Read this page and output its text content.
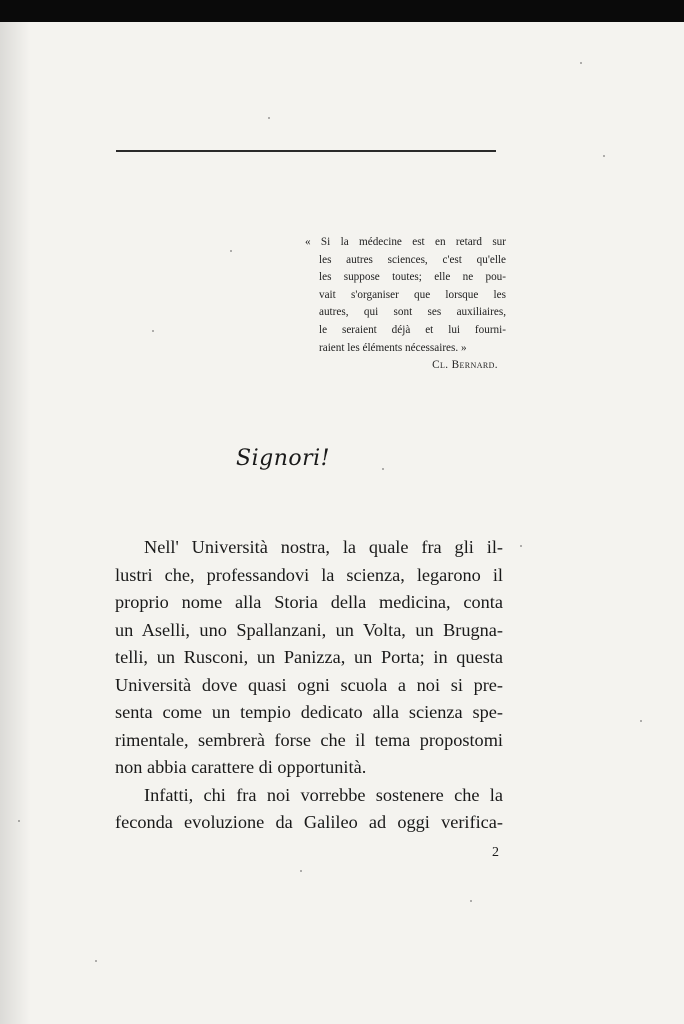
« Si la médecine est en retard sur
les autres sciences, c'est qu'elle
les suppose toutes; elle ne pou-
vait s'organiser que lorsque les
autres, qui sont ses auxiliaires,
le seraient déjà et lui fourni-
raient les éléments nécessaires. »
Cl. Bernard.
Signori!
Nell' Università nostra, la quale fra gli il-
lustri che, professandovi la scienza, legarono il
proprio nome alla Storia della medicina, conta
un Aselli, uno Spallanzani, un Volta, un Brugna-
telli, un Rusconi, un Panizza, un Porta; in questa
Università dove quasi ogni scuola a noi si pre-
senta come un tempio dedicato alla scienza spe-
rimentale, sembrerà forse che il tema propostomi
non abbia carattere di opportunità.
Infatti, chi fra noi vorrebbe sostenere che la
feconda evoluzione da Galileo ad oggi verifica-
2
